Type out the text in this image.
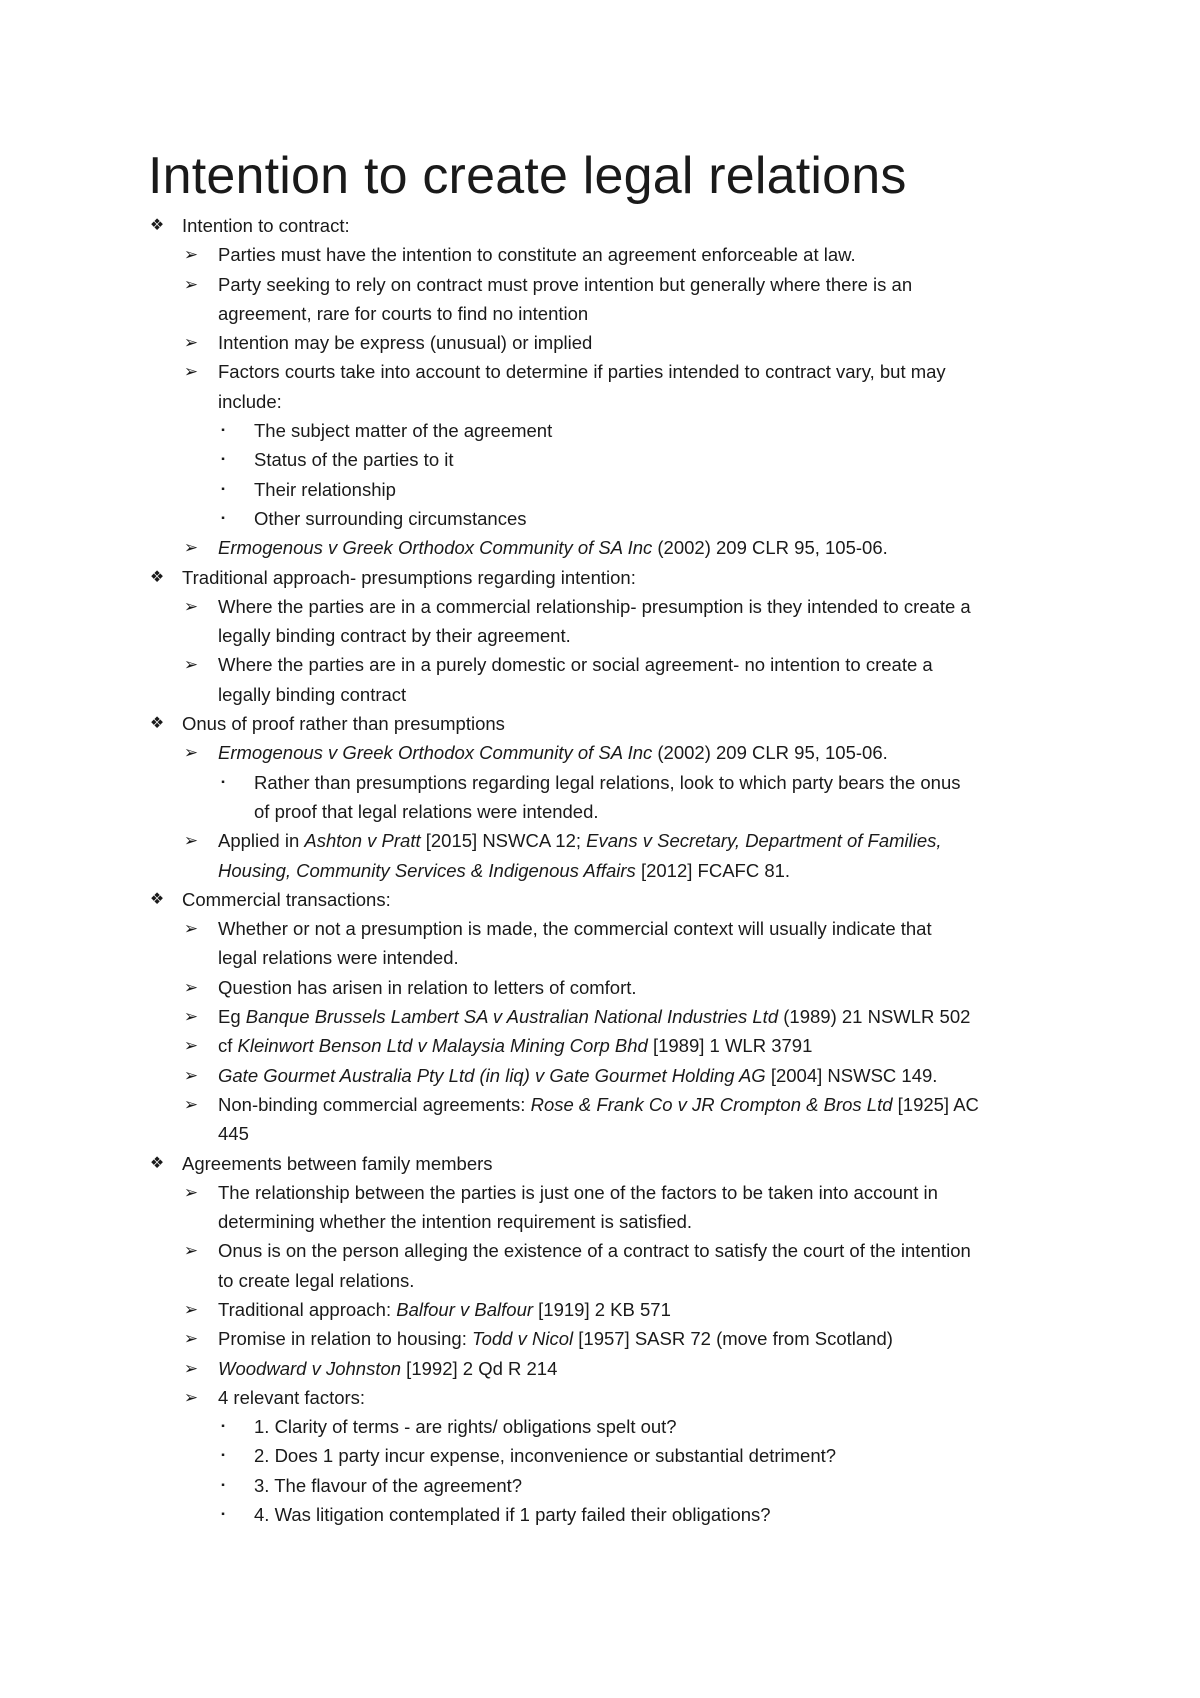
Intention to create legal relations
❖ Intention to contract:
➢ Parties must have the intention to constitute an agreement enforceable at law.
➢ Party seeking to rely on contract must prove intention but generally where there is an
agreement, rare for courts to find no intention
➢ Intention may be express (unusual) or implied
➢ Factors courts take into account to determine if parties intended to contract vary, but may
include:
▪ The subject matter of the agreement
▪ Status of the parties to it
▪ Their relationship
▪ Other surrounding circumstances
➢ Ermogenous v Greek Orthodox Community of SA Inc (2002) 209 CLR 95, 105-06.
❖ Traditional approach- presumptions regarding intention:
➢ Where the parties are in a commercial relationship- presumption is they intended to create a
legally binding contract by their agreement.
➢ Where the parties are in a purely domestic or social agreement- no intention to create a
legally binding contract
❖ Onus of proof rather than presumptions
➢ Ermogenous v Greek Orthodox Community of SA Inc (2002) 209 CLR 95, 105-06.
▪ Rather than presumptions regarding legal relations, look to which party bears the onus
of proof that legal relations were intended.
➢ Applied in Ashton v Pratt [2015] NSWCA 12; Evans v Secretary, Department of Families,
Housing, Community Services & Indigenous Affairs [2012] FCAFC 81.
❖ Commercial transactions:
➢ Whether or not a presumption is made, the commercial context will usually indicate that
legal relations were intended.
➢ Question has arisen in relation to letters of comfort.
➢ Eg Banque Brussels Lambert SA v Australian National Industries Ltd (1989) 21 NSWLR 502
➢ cf Kleinwort Benson Ltd v Malaysia Mining Corp Bhd [1989] 1 WLR 3791
➢ Gate Gourmet Australia Pty Ltd (in liq) v Gate Gourmet Holding AG [2004] NSWSC 149.
➢ Non-binding commercial agreements: Rose & Frank Co v JR Crompton & Bros Ltd [1925] AC
445
❖ Agreements between family members
➢ The relationship between the parties is just one of the factors to be taken into account in
determining whether the intention requirement is satisfied.
➢ Onus is on the person alleging the existence of a contract to satisfy the court of the intention
to create legal relations.
➢ Traditional approach: Balfour v Balfour [1919] 2 KB 571
➢ Promise in relation to housing: Todd v Nicol [1957] SASR 72 (move from Scotland)
➢ Woodward v Johnston [1992] 2 Qd R 214
➢ 4 relevant factors:
▪ 1. Clarity of terms - are rights/ obligations spelt out?
▪ 2. Does 1 party incur expense, inconvenience or substantial detriment?
▪ 3. The flavour of the agreement?
▪ 4. Was litigation contemplated if 1 party failed their obligations?
